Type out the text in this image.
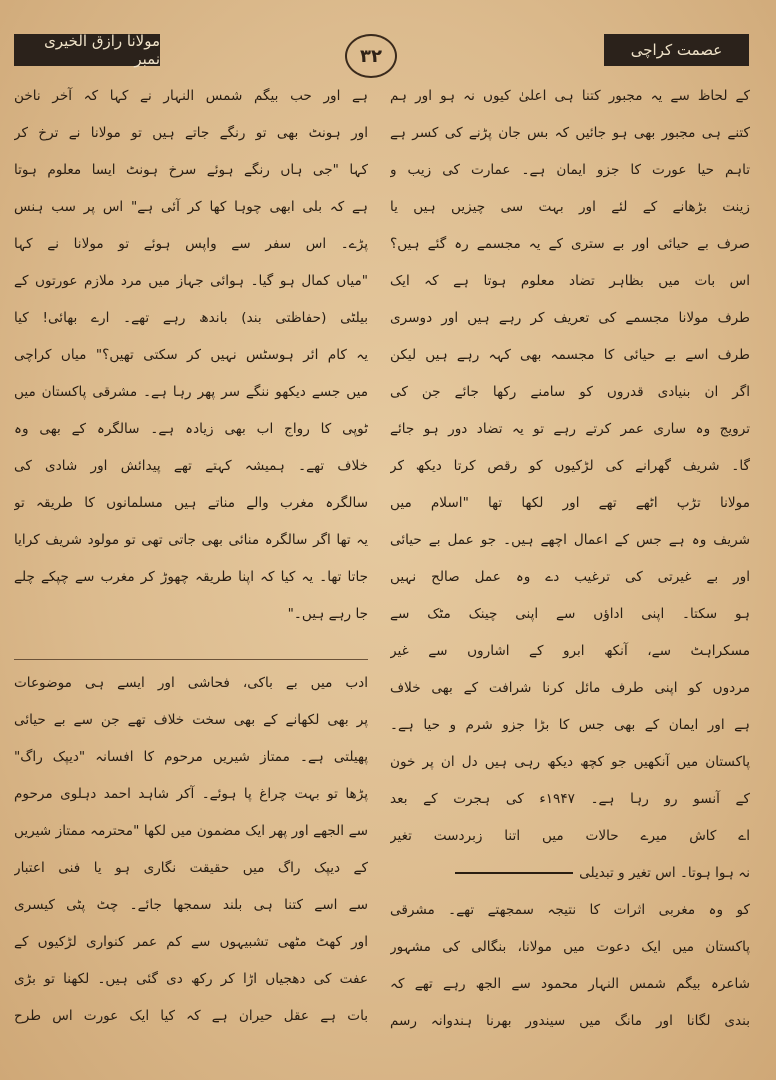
مولانا رازق الخیری نمبر	۳۲	عصمت کراچی
کے لحاظ سے یہ مجبور کتنا ہی اعلیٰ کیوں نہ ہو اور ہم
کتنے ہی مجبور بھی ہو جائیں کہ بس جان پڑنے کی کسر ہے
تاہم حیا عورت کا جزو ایمان ہے۔ عمارت کی زیب و
زینت بڑھانے کے لئے اور بہت سی چیزیں ہیں یا
صرف بے حیائی اور بے ستری کے یہ مجسمے رہ گئے ہیں؟
اس بات میں بظاہر تضاد معلوم ہوتا ہے کہ ایک
طرف مولانا مجسمے کی تعریف کر رہے ہیں اور دوسری
طرف اسے بے حیائی کا مجسمہ بھی کہہ رہے ہیں لیکن
اگر ان بنیادی قدروں کو سامنے رکھا جائے جن کی
ترویج وہ ساری عمر کرتے رہے تو یہ تضاد دور ہو جائے
گا۔ شریف گھرانے کی لڑکیوں کو رقص کرتا دیکھ کر
مولانا تڑپ اٹھے تھے اور لکھا تھا "اسلام میں
شریف وہ ہے جس کے اعمال اچھے ہیں۔ جو عمل بے حیائی
اور بے غیرتی کی ترغیب دے وہ عمل صالح نہیں
ہو سکتا۔ اپنی اداؤں سے اپنی چینک مٹک سے
مسکراہٹ سے، آنکھ ابرو کے اشاروں سے غیر
مردوں کو اپنی طرف مائل کرنا شرافت کے بھی خلاف
ہے اور ایمان کے بھی جس کا بڑا جزو شرم و حیا ہے۔
پاکستان میں آنکھیں جو کچھ دیکھ رہی ہیں دل ان پر خون
کے آنسو رو رہا ہے۔ ۱۹۴۷ء کی ہجرت کے بعد
اے کاش میرے حالات میں اتنا زبردست تغیر
نہ ہوا ہوتا۔ اس تغیر و تبدیلی
کو وہ مغربی اثرات کا نتیجہ سمجھتے تھے۔ مشرقی
پاکستان میں ایک دعوت میں مولانا، بنگالی کی مشہور
شاعرہ بیگم شمس النہار محمود سے الجھ رہے تھے کہ
بندی لگانا اور مانگ میں سیندور بھرنا ہندوانہ رسم
ہے اور حب بیگم شمس النہار نے کہا کہ آخر ناخن
اور ہونٹ بھی تو رنگے جاتے ہیں تو مولانا نے ترخ کر
کہا "جی ہاں رنگے ہوئے سرخ ہونٹ ایسا معلوم ہوتا
ہے کہ بلی ابھی چوہا کھا کر آئی ہے" اس پر سب ہنس
پڑے۔ اس سفر سے واپس ہوئے تو مولانا نے کہا
"میاں کمال ہو گیا۔ ہوائی جہاز میں مرد ملازم عورتوں کے
بیلٹی (حفاظتی بند) باندھ رہے تھے۔ ارے بھائی! کیا
یہ کام ائر ہوسٹس نہیں کر سکتی تھیں؟" میاں کراچی
میں جسے دیکھو ننگے سر پھر رہا ہے۔ مشرقی پاکستان میں
ٹوپی کا رواج اب بھی زیادہ ہے۔ سالگرہ کے بھی وہ
خلاف تھے۔ ہمیشہ کہتے تھے پیدائش اور شادی کی
سالگرہ مغرب والے مناتے ہیں مسلمانوں کا طریقہ تو
یہ تھا اگر سالگرہ منائی بھی جاتی تھی تو مولود شریف کرایا
جاتا تھا۔ یہ کیا کہ اپنا طریقہ چھوڑ کر مغرب سے چپکے چلے
جا رہے ہیں۔"
ادب میں بے باکی، فحاشی اور ایسے ہی موضوعات
پر بھی لکھانے کے بھی سخت خلاف تھے جن سے بے حیائی
پھیلتی ہے۔ ممتاز شیریں مرحوم کا افسانہ "دیپک راگ"
پڑھا تو بہت چراغ پا ہوئے۔ آکر شاہد احمد دہلوی مرحوم
سے الجھے اور پھر ایک مضمون میں لکھا "محترمہ ممتاز شیریں
کے دیپک راگ میں حقیقت نگاری ہو یا فنی اعتبار
سے اسے کتنا ہی بلند سمجھا جائے۔ چٹ پٹی کیسری
اور کھٹ مٹھی تشبیہوں سے کم عمر کنواری لڑکیوں کے
عفت کی دھجیاں اڑا کر رکھ دی گئی ہیں۔ لکھنا تو بڑی
بات ہے عقل حیران ہے کہ کیا ایک عورت اس طرح
